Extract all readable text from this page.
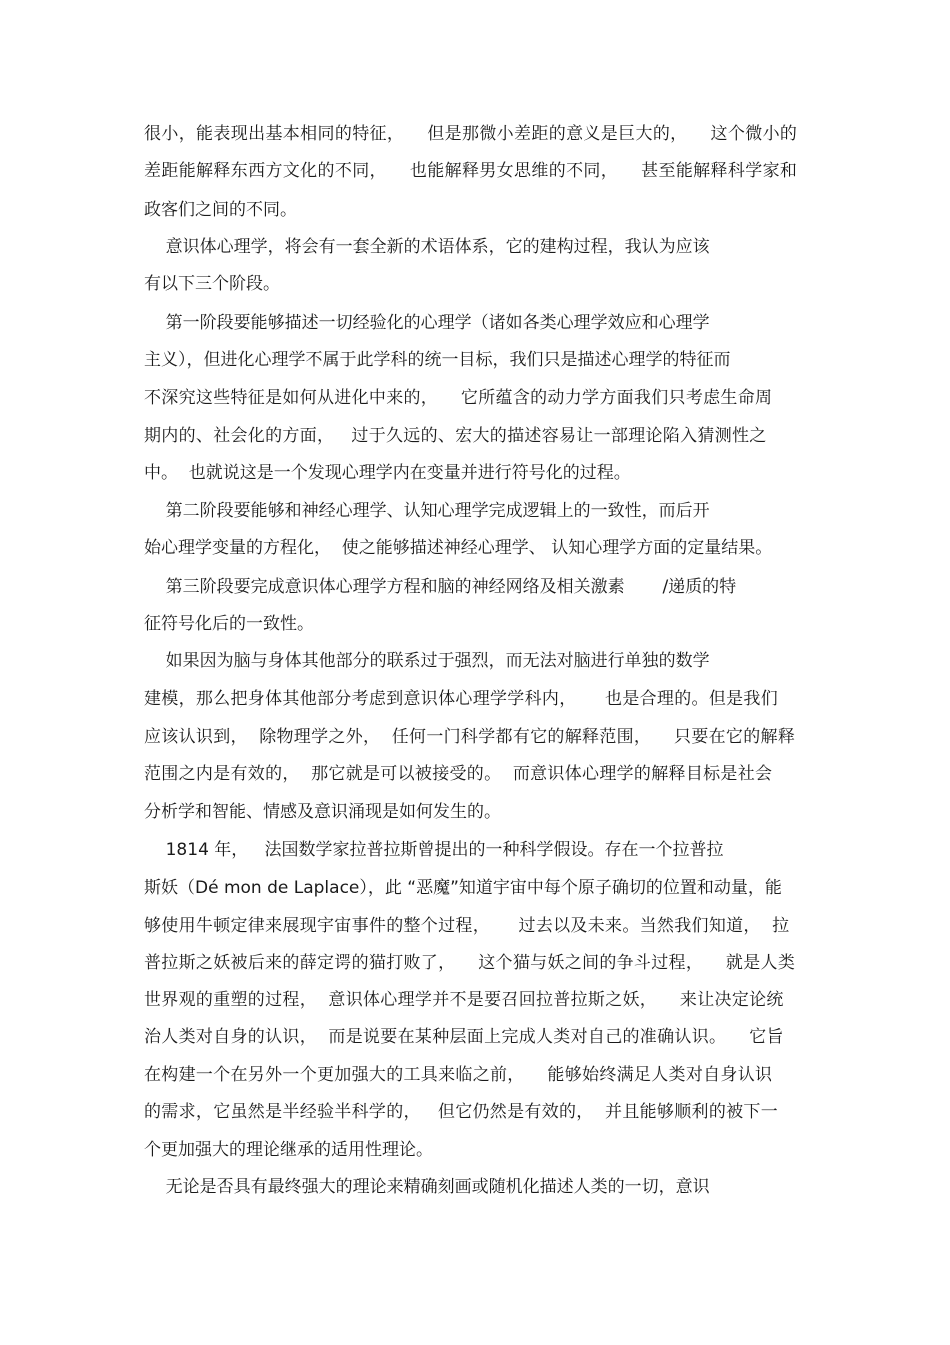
很小，能表现出基本相同的特征，    但是那微小差距的意义是巨大的，    这个微小的
差距能解释东西方文化的不同，    也能解释男女思维的不同，    甚至能解释科学家和
政客们之间的不同。
意识体心理学，将会有一套全新的术语体系，它的建构过程，我认为应该
有以下三个阶段。
第一阶段要能够描述一切经验化的心理学（诸如各类心理学效应和心理学
主义），但进化心理学不属于此学科的统一目标，我们只是描述心理学的特征而
不深究这些特征是如何从进化中来的，    它所蕴含的动力学方面我们只考虑生命周
期内的、社会化的方面，   过于久远的、宏大的描述容易让一部理论陷入猜测性之
中。  也就说这是一个发现心理学内在变量并进行符号化的过程。
第二阶段要能够和神经心理学、认知心理学完成逻辑上的一致性，而后开
始心理学变量的方程化，  使之能够描述神经心理学、 认知心理学方面的定量结果。
第三阶段要完成意识体心理学方程和脑的神经网络及相关激素       /递质的特
征符号化后的一致性。
如果因为脑与身体其他部分的联系过于强烈，而无法对脑进行单独的数学
建模，那么把身体其他部分考虑到意识体心理学学科内，     也是合理的。但是我们
应该认识到，  除物理学之外，  任何一门科学都有它的解释范围，    只要在它的解释
范围之内是有效的，  那它就是可以被接受的。  而意识体心理学的解释目标是社会
分析学和智能、情感及意识涌现是如何发生的。
1814 年，   法国数学家拉普拉斯曾提出的一种科学假设。存在一个拉普拉
斯妖（Dé mon de Laplace），此 “恶魔”知道宇宙中每个原子确切的位置和动量，能
够使用牛顿定律来展现宇宙事件的整个过程，     过去以及未来。当然我们知道，  拉
普拉斯之妖被后来的薛定谔的猫打败了，    这个猫与妖之间的争斗过程，    就是人类
世界观的重塑的过程，  意识体心理学并不是要召回拉普拉斯之妖，    来让决定论统
治人类对自身的认识，  而是说要在某种层面上完成人类对自己的准确认识。    它旨
在构建一个在另外一个更加强大的工具来临之前，    能够始终满足人类对自身认识
的需求，它虽然是半经验半科学的，   但它仍然是有效的，  并且能够顺利的被下一
个更加强大的理论继承的适用性理论。
无论是否具有最终强大的理论来精确刻画或随机化描述人类的一切，意识
